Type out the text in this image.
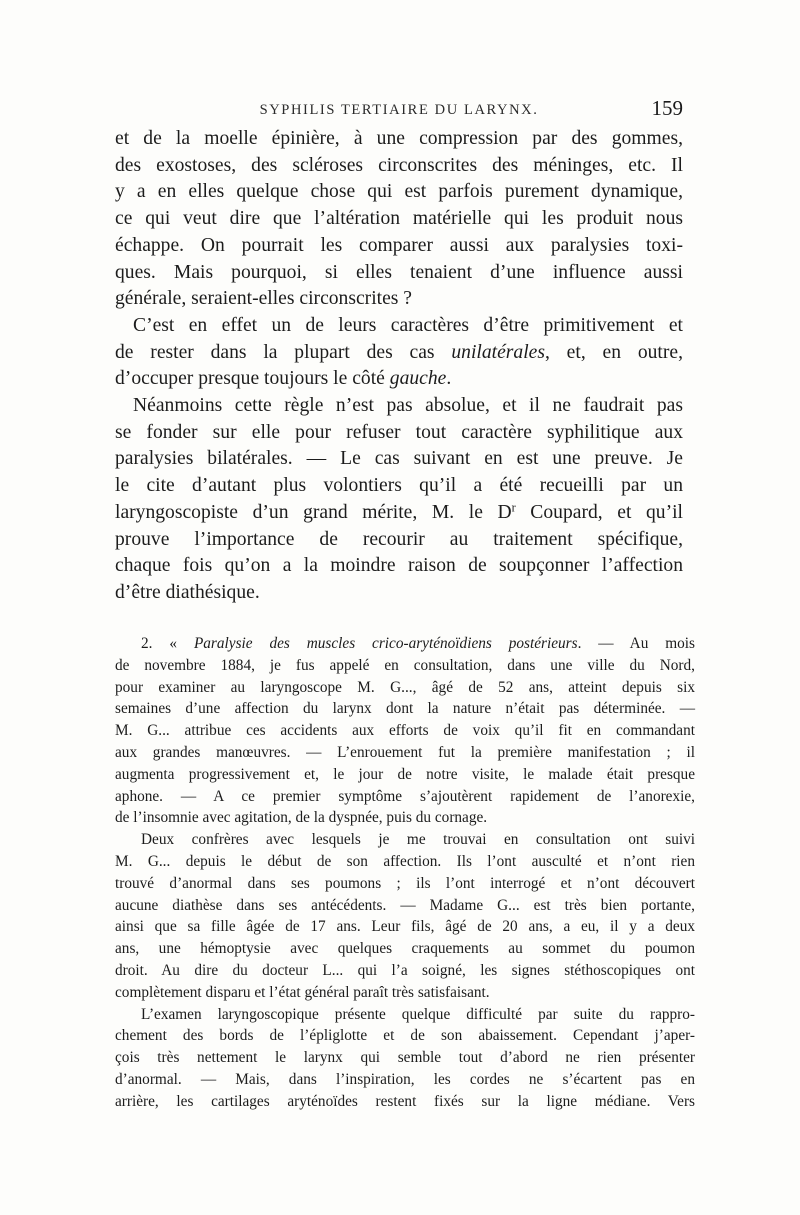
SYPHILIS TERTIAIRE DU LARYNX.	159

et de la moelle épinière, à une compression par des gommes,
des exostoses, des scléroses circonscrites des méninges, etc. Il
y a en elles quelque chose qui est parfois purement dynamique,
ce qui veut dire que l’altération matérielle qui les produit nous
échappe. On pourrait les comparer aussi aux paralysies toxi-
ques. Mais pourquoi, si elles tenaient d’une influence aussi
générale, seraient-elles circonscrites ?

C’est en effet un de leurs caractères d’être primitivement et
de rester dans la plupart des cas unilatérales, et, en outre,
d’occuper presque toujours le côté gauche.

Néanmoins cette règle n’est pas absolue, et il ne faudrait pas
se fonder sur elle pour refuser tout caractère syphilitique aux
paralysies bilatérales. — Le cas suivant en est une preuve. Je
le cite d’autant plus volontiers qu’il a été recueilli par un
laryngoscopiste d’un grand mérite, M. le $D^r$ Coupard, et qu’il
prouve l’importance de recourir au traitement spécifique,
chaque fois qu’on a la moindre raison de soupçonner l’affection
d’être diathésique.

2. « Paralysie des muscles crico-aryténoïdiens postérieurs. — Au mois
de novembre 1884, je fus appelé en consultation, dans une ville du Nord,
pour examiner au laryngoscope M. G..., âgé de 52 ans, atteint depuis six
semaines d’une affection du larynx dont la nature n’était pas déterminée. —
M. G... attribue ces accidents aux efforts de voix qu’il fit en commandant
aux grandes manœuvres. — L’enrouement fut la première manifestation ; il
augmenta progressivement et, le jour de notre visite, le malade était presque
aphone. — A ce premier symptôme s’ajoutèrent rapidement de l’anorexie,
de l’insomnie avec agitation, de la dyspnée, puis du cornage.

Deux confrères avec lesquels je me trouvai en consultation ont suivi
M. G... depuis le début de son affection. Ils l’ont ausculté et n’ont rien
trouvé d’anormal dans ses poumons ; ils l’ont interrogé et n’ont découvert
aucune diathèse dans ses antécédents. — Madame G... est très bien portante,
ainsi que sa fille âgée de 17 ans. Leur fils, âgé de 20 ans, a eu, il y a deux
ans, une hémoptysie avec quelques craquements au sommet du poumon
droit. Au dire du docteur L... qui l’a soigné, les signes stéthoscopiques ont
complètement disparu et l’état général paraît très satisfaisant.

L’examen laryngoscopique présente quelque difficulté par suite du rappro-
chement des bords de l’épliglotte et de son abaissement. Cependant j’aper-
çois très nettement le larynx qui semble tout d’abord ne rien présenter
d’anormal. — Mais, dans l’inspiration, les cordes ne s’écartent pas en
arrière, les cartilages aryténoïdes restent fixés sur la ligne médiane. Vers
